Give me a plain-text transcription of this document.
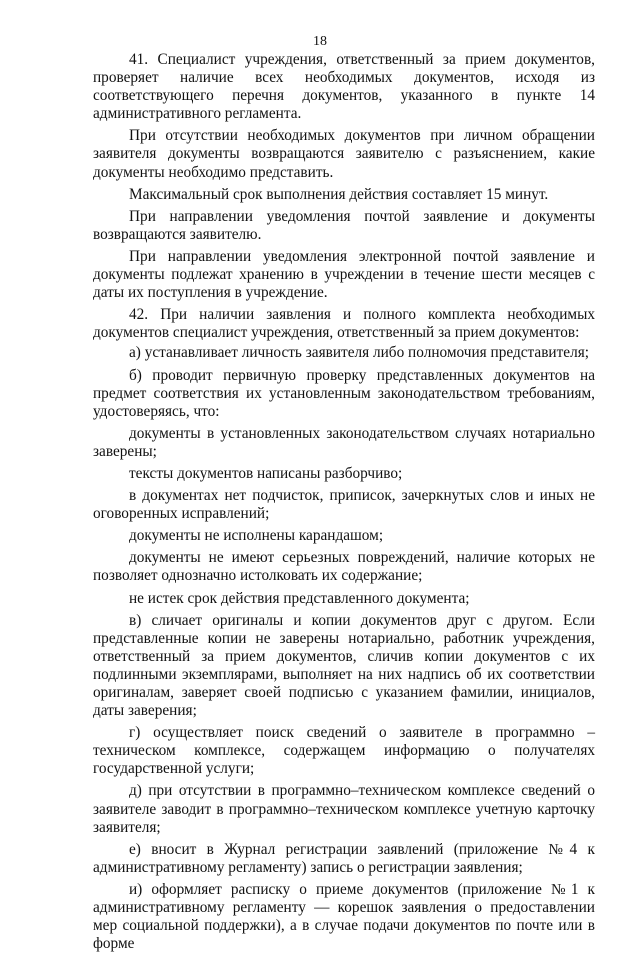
18

41. Специалист учреждения, ответственный за прием документов, проверяет наличие всех необходимых документов, исходя из соответствующего перечня документов, указанного в пункте 14 административного регламента.

При отсутствии необходимых документов при личном обращении заявителя документы возвращаются заявителю с разъяснением, какие документы необходимо представить.

Максимальный срок выполнения действия составляет 15 минут.

При направлении уведомления почтой заявление и документы возвращаются заявителю.

При направлении уведомления электронной почтой заявление и документы подлежат хранению в учреждении в течение шести месяцев с даты их поступления в учреждение.

42. При наличии заявления и полного комплекта необходимых документов специалист учреждения, ответственный за прием документов:

а) устанавливает личность заявителя либо полномочия представителя;

б) проводит первичную проверку представленных документов на предмет соответствия их установленным законодательством требованиям, удостоверяясь, что:

документы в установленных законодательством случаях нотариально заверены;

тексты документов написаны разборчиво;

в документах нет подчисток, приписок, зачеркнутых слов и иных не оговоренных исправлений;

документы не исполнены карандашом;

документы не имеют серьезных повреждений, наличие которых не позволяет однозначно истолковать их содержание;

не истек срок действия представленного документа;

в) сличает оригиналы и копии документов друг с другом. Если представленные копии не заверены нотариально, работник учреждения, ответственный за прием документов, сличив копии документов с их подлинными экземплярами, выполняет на них надпись об их соответствии оригиналам, заверяет своей подписью с указанием фамилии, инициалов, даты заверения;

г) осуществляет поиск сведений о заявителе в программно – техническом комплексе, содержащем информацию о получателях государственной услуги;

д) при отсутствии в программно–техническом комплексе сведений о заявителе заводит в программно–техническом комплексе учетную карточку заявителя;

е) вносит в Журнал регистрации заявлений (приложение №4 к административному регламенту) запись о регистрации заявления;

и) оформляет расписку о приеме документов (приложение №1 к административному регламенту — корешок заявления о предоставлении мер социальной поддержки), а в случае подачи документов по почте или в форме
